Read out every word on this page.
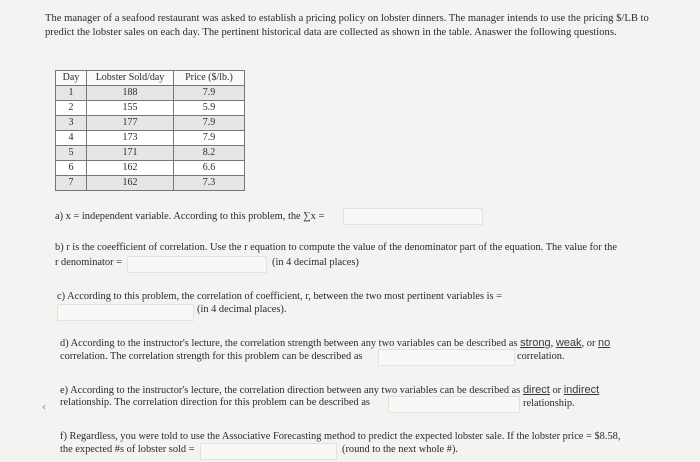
The manager of a seafood restaurant was asked to establish a pricing policy on lobster dinners. The manager intends to use the pricing $/LB to predict the lobster sales on each day. The pertinent historical data are collected as shown in the table. Anaswer the following questions.
Day	Lobster Sold/day	Price ($/lb.)
1	188	7.9
2	155	5.9
3	177	7.9
4	173	7.9
5	171	8.2
6	162	6.6
7	162	7.3
a) x = independent variable. According to this problem, the ∑x =
b) r is the coeefficient of correlation. Use the r equation to compute the value of the denominator part of the equation. The value for the
r denominator =	(in 4 decimal places)
c) According to this problem, the correlation of coefficient, r, between the two most pertinent variables is =
(in 4 decimal places).
d) According to the instructor's lecture, the correlation strength between any two variables can be described as strong, weak, or no
correlation. The correlation strength for this problem can be described as	correlation.
e) According to the instructor's lecture, the correlation direction between any two variables can be described as direct or indirect
relationship. The correlation direction for this problem can be described as	relationship.
‹
f) Regardless, you were told to use the Associative Forecasting method to predict the expected lobster sale. If the lobster price = $8.58,
the expected #s of lobster sold =	(round to the next whole #).
